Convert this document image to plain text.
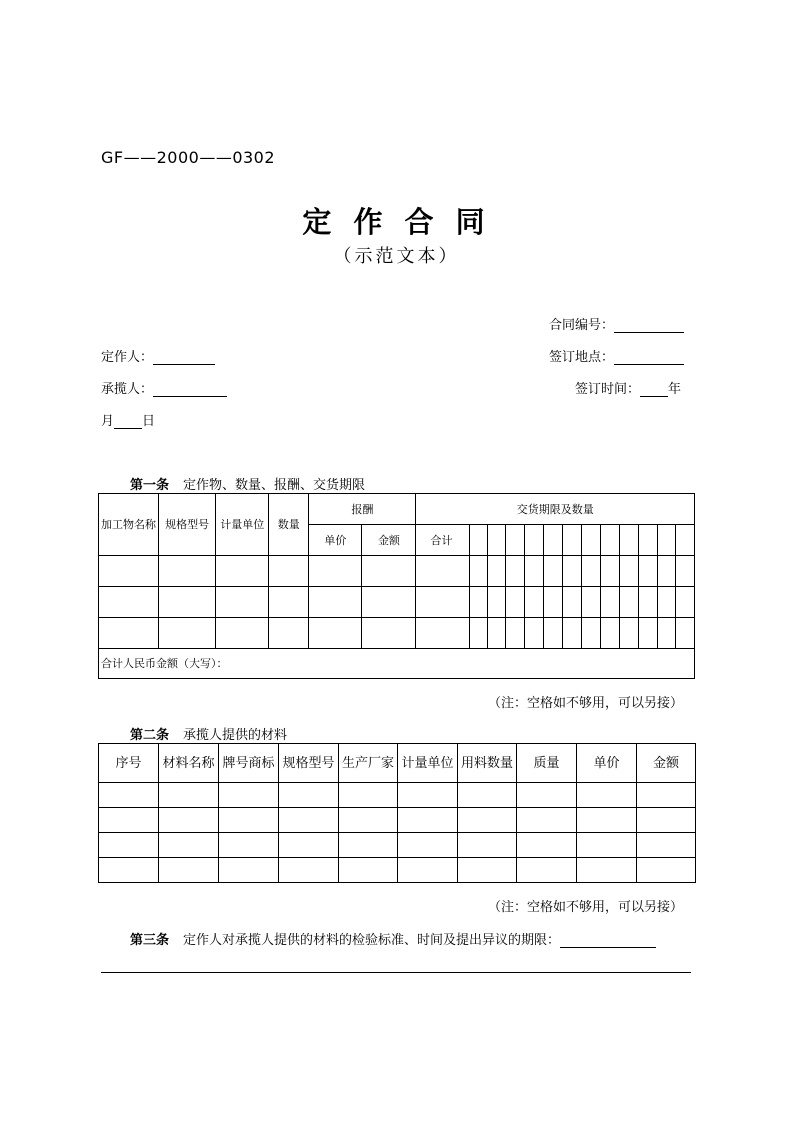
GF——2000——0302
定 作 合 同
（示范文本）
合同编号：
定作人：	签订地点：
承揽人：	签订时间： 年
月 日
第一条 定作物、数量、报酬、交货期限
加工物名称	规格型号	计量单位	数量	报酬		交货期限及数量												
				单价	金额	合计												

合计人民币金额（大写）：																		
（注：空格如不够用，可以另接）
第二条 承揽人提供的材料
序号	材料名称	牌号商标	规格型号	生产厂家	计量单位	用料数量	质量	单价	金额

（注：空格如不够用，可以另接）
第三条 定作人对承揽人提供的材料的检验标准、时间及提出异议的期限：
